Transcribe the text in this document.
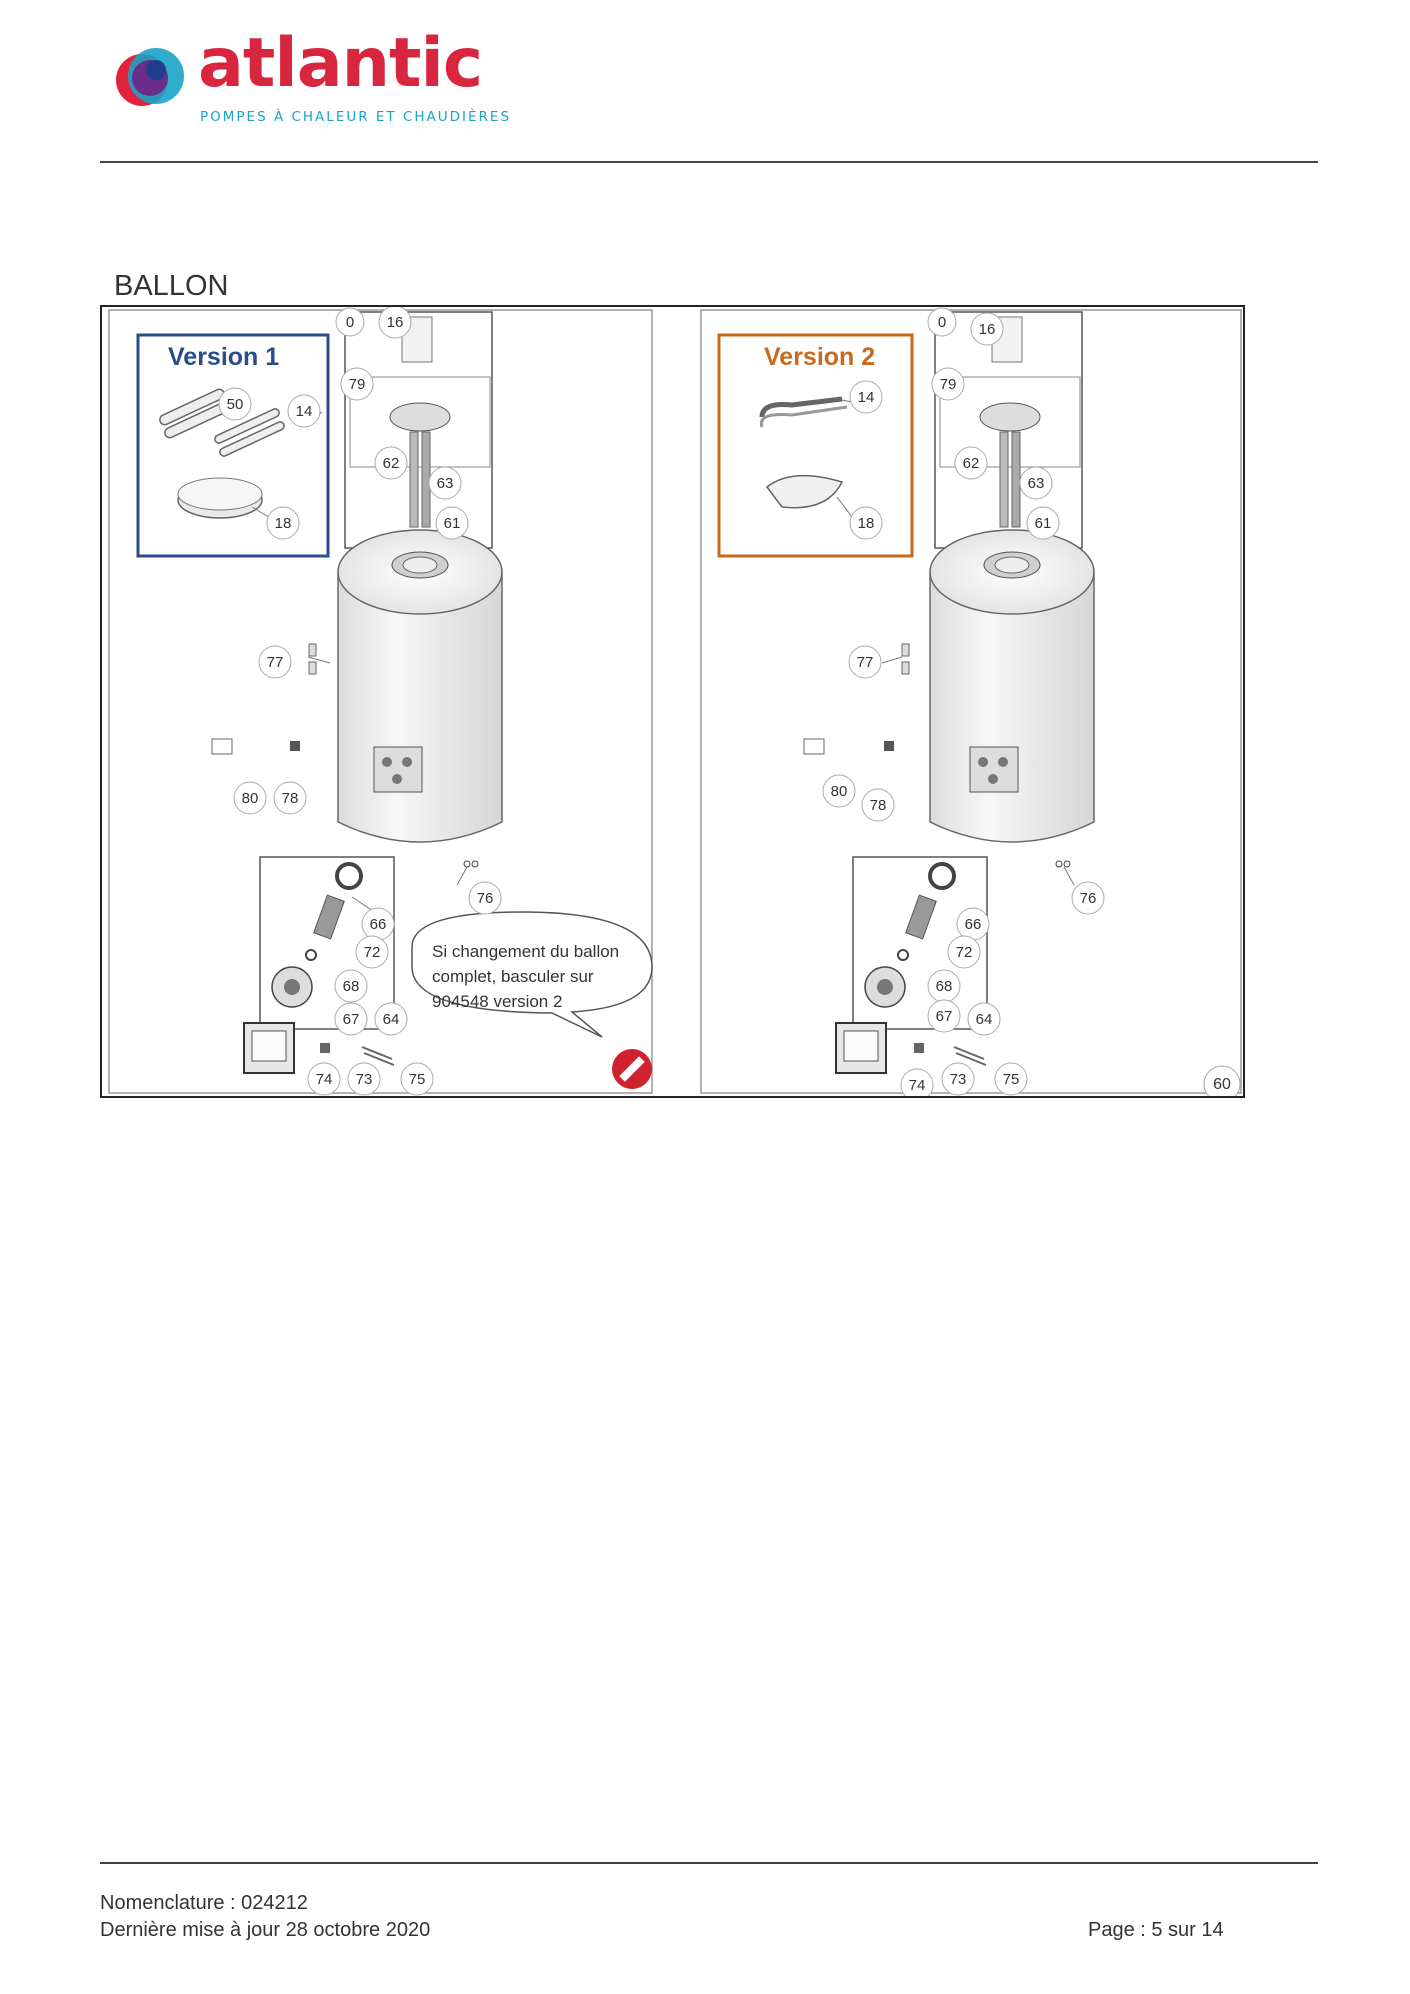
atlantic
POMPES À CHALEUR ET CHAUDIÈRES
BALLON
Version 1
Si changement du ballon complet, basculer sur 904548 version 2
0 16
79
62
63
61
50	14
18
77
80 78
76
66
72
68
67 64
74 73 75
Version 2
0 16
79
62
63
61
14
18
77
80
78
76
66
72
68
67 64
74 73 75	60
Nomenclature : 024212
Dernière mise à jour 28 octobre 2020	Page : 5 sur 14
